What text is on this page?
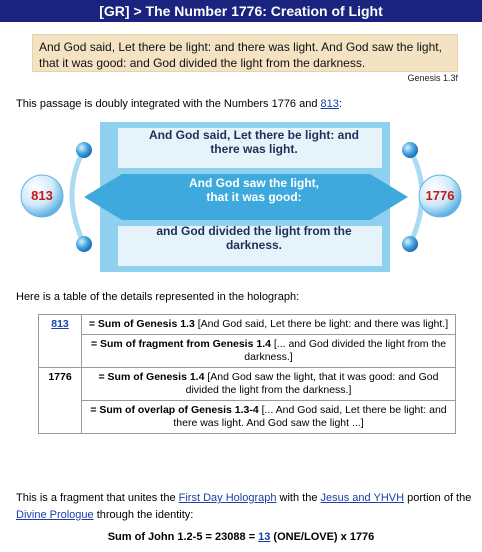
[GR] > The Number 1776: Creation of Light
And God said, Let there be light: and there was light. And God saw the light, that it was good: and God divided the light from the darkness.
Genesis 1.3f
This passage is doubly integrated with the Numbers 1776 and 813:
And God said, Let there be light: and
there was light.
And God saw the light,
that it was good:
and God divided the light from the
darkness.
813	1776
Here is a table of the details represented in the holograph:
813	= Sum of Genesis 1.3 [And God said, Let there be light: and there was light.]
	= Sum of fragment from Genesis 1.4 [... and God divided the light from the darkness.]
1776	= Sum of Genesis 1.4 [And God saw the light, that it was good: and God divided the light from the darkness.]
	= Sum of overlap of Genesis 1.3-4 [... And God said, Let there be light: and there was light. And God saw the light ...]
This is a fragment that unites the First Day Holograph with the Jesus and YHVH portion of the Divine Prologue through the identity:
Sum of John 1.2-5 = 23088 = 13 (ONE/LOVE) x 1776
